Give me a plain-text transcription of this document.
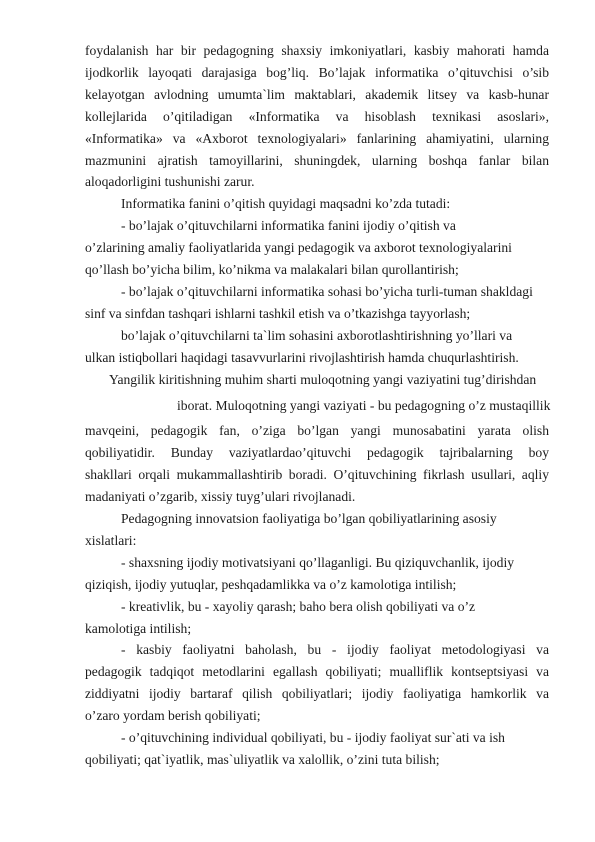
foydalanish har bir pedagogning shaxsiy imkoniyatlari, kasbiy mahorati hamda

ijodkorlik layoqati darajasiga bog’liq. Bo’lajak informatika o’qituvchisi o’sib

kelayotgan avlodning umumta`lim maktablari, akademik litsey va kasb-hunar

kollejlarida o’qitiladigan «Informatika va hisoblash texnikasi asoslari»,

«Informatika» va «Axborot texnologiyalari» fanlarining ahamiyatini, ularning

mazmunini ajratish tamoyillarini, shuningdek, ularning boshqa fanlar bilan

aloqadorligini tushunishi zarur.

Informatika fanini o’qitish quyidagi maqsadni ko’zda tutadi:

- bo’lajak o’qituvchilarni informatika fanini ijodiy o’qitish va

o’zlarining amaliy faoliyatlarida yangi pedagogik va axborot texnologiyalarini

qo’llash bo’yicha bilim, ko’nikma va malakalari bilan qurollantirish;

- bo’lajak o’qituvchilarni informatika sohasi bo’yicha turli-tuman shakldagi

sinf va sinfdan tashqari ishlarni tashkil etish va o’tkazishga tayyorlash;

bo’lajak o’qituvchilarni ta`lim sohasini axborotlashtirishning yo’llari va

ulkan istiqbollari haqidagi tasavvurlarini rivojlashtirish hamda chuqurlashtirish.

Yangilik kiritishning muhim sharti muloqotning yangi vaziyatini tug’dirishdan

iborat. Muloqotning yangi vaziyati - bu pedagogning o’z mustaqillik

mavqeini, pedagogik fan, o’ziga bo’lgan yangi munosabatini yarata olish

qobiliyatidir. Bunday vaziyatlardao’qituvchi pedagogik tajribalarning boy

shakllari orqali mukammallashtirib boradi. O’qituvchining fikrlash usullari, aqliy

madaniyati o’zgarib, xissiy tuyg’ulari rivojlanadi.

Pedagogning innovatsion faoliyatiga bo’lgan qobiliyatlarining asosiy

xislatlari:

- shaxsning ijodiy motivatsiyani qo’llaganligi. Bu qiziquvchanlik, ijodiy

qiziqish, ijodiy yutuqlar, peshqadamlikka va o’z kamolotiga intilish;

- kreativlik, bu - xayoliy qarash; baho bera olish qobiliyati va o’z

kamolotiga intilish;

- kasbiy faoliyatni baholash, bu - ijodiy faoliyat metodologiyasi va

pedagogik tadqiqot metodlarini egallash qobiliyati; mualliflik kontseptsiyasi va

ziddiyatni ijodiy bartaraf qilish qobiliyatlari; ijodiy faoliyatiga hamkorlik va

o’zaro yordam berish qobiliyati;

- o’qituvchining individual qobiliyati, bu - ijodiy faoliyat sur`ati va ish

qobiliyati; qat`iyatlik, mas`uliyatlik va xalollik, o’zini tuta bilish;
